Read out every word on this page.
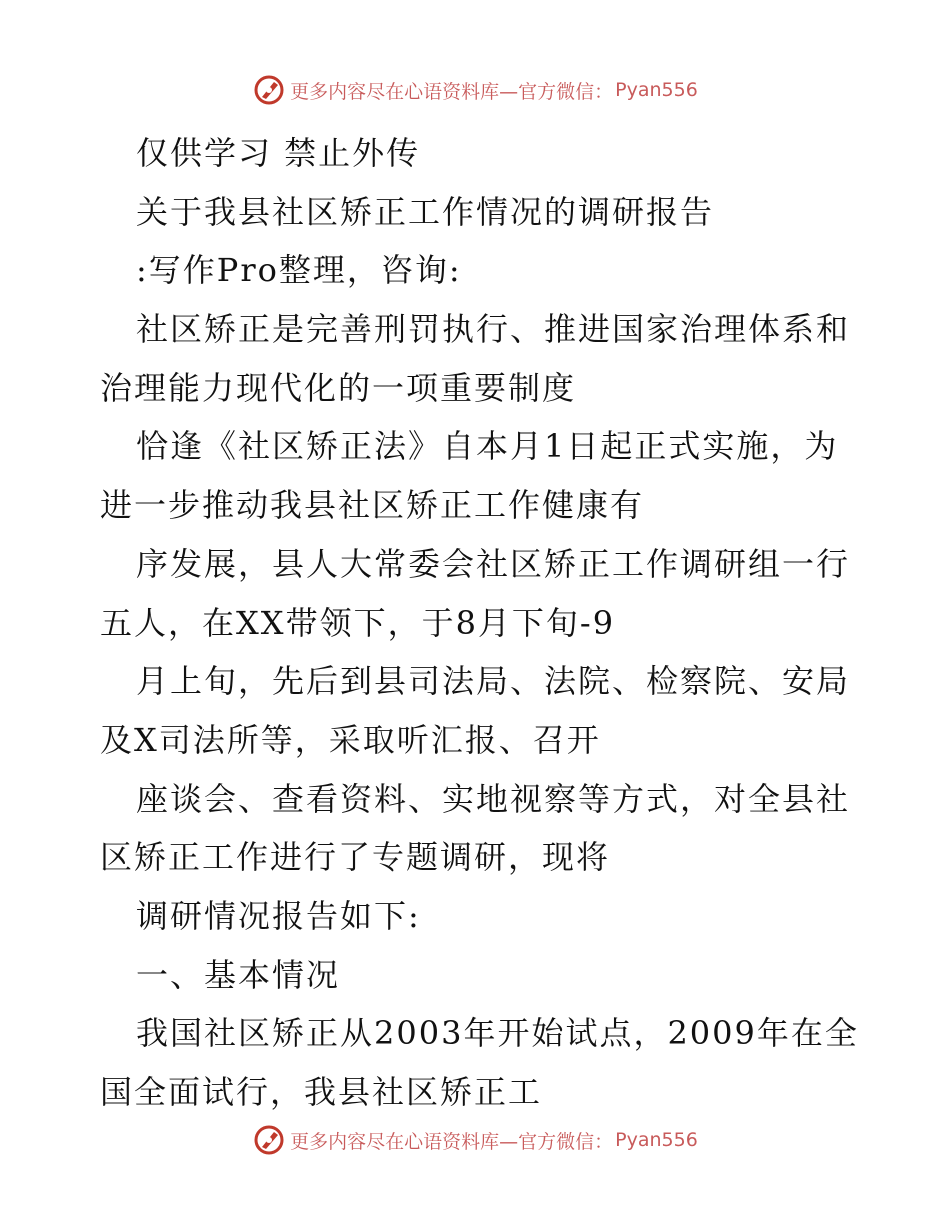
更多内容尽在心语资料库—官方微信： Pyan556
仅供学习 禁止外传
关于我县社区矫正工作情况的调研报告
:写作Pro整理，咨询:
社区矫正是完善刑罚执行、推进国家治理体系和
治理能力现代化的一项重要制度
恰逢《社区矫正法》自本月1日起正式实施，为
进一步推动我县社区矫正工作健康有
序发展，县人大常委会社区矫正工作调研组一行
五人，在XX带领下，于8月下旬-9
月上旬，先后到县司法局、法院、检察院、安局
及X司法所等，采取听汇报、召开
座谈会、查看资料、实地视察等方式，对全县社
区矫正工作进行了专题调研，现将
调研情况报告如下:
一、基本情况
我国社区矫正从2003年开始试点，2009年在全
国全面试行，我县社区矫正工
更多内容尽在心语资料库—官方微信： Pyan556
